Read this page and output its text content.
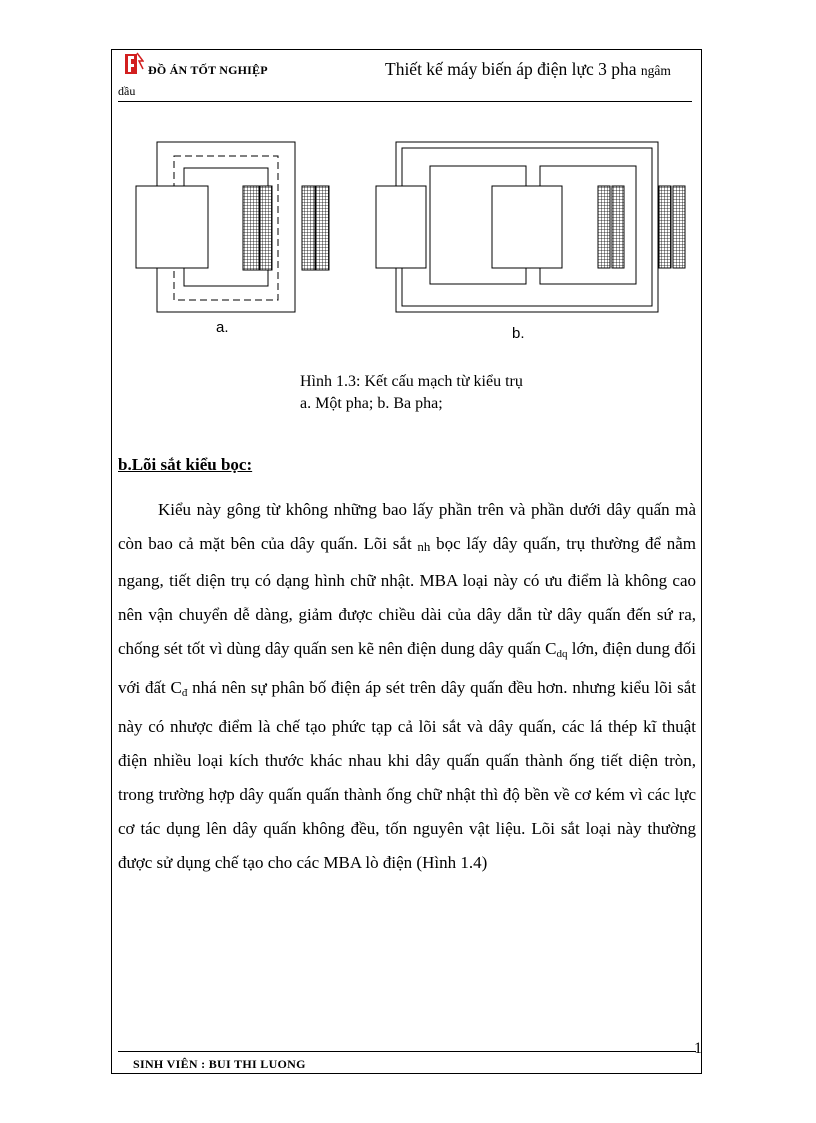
ĐỒ ÁN TỐT NGHIỆP	Thiết kế máy biến áp điện lực 3 pha ngâm
dầu
a.	b.
Hình 1.3: Kết cấu mạch từ kiểu trụ
a. Một pha; b. Ba pha;
b.Lõi sắt kiểu bọc:
Kiểu này gông từ không những bao lấy phần trên và phần dưới dây quấn mà còn bao cả mặt bên của dây quấn. Lõi sắt nh bọc lấy dây quấn, trụ thường để nằm ngang, tiết diện trụ có dạng hình chữ nhật. MBA loại này có ưu điểm là không cao nên vận chuyển dễ dàng, giảm được chiều dài của dây dẫn từ dây quấn đến sứ ra, chống sét tốt vì dùng dây quấn sen kẽ nên điện dung dây quấn $C_{dq}$ lớn, điện dung đối với đất $C_đ$ nhá nên sự phân bố điện áp sét trên dây quấn đều hơn. nhưng kiểu lõi sắt này có nhược điểm là chế tạo phức tạp cả lõi sắt và dây quấn, các lá thép kĩ thuật điện nhiều loại kích thước khác nhau khi dây quấn quấn thành ống tiết diện tròn, trong trường hợp dây quấn quấn thành ống chữ nhật thì độ bền về cơ kém vì các lực cơ tác dụng lên dây quấn không đều, tốn nguyên vật liệu. Lõi sắt loại này thường được sử dụng chế tạo cho các MBA lò điện (Hình 1.4)
1
SINH VIÊN : BUI THI LUONG
